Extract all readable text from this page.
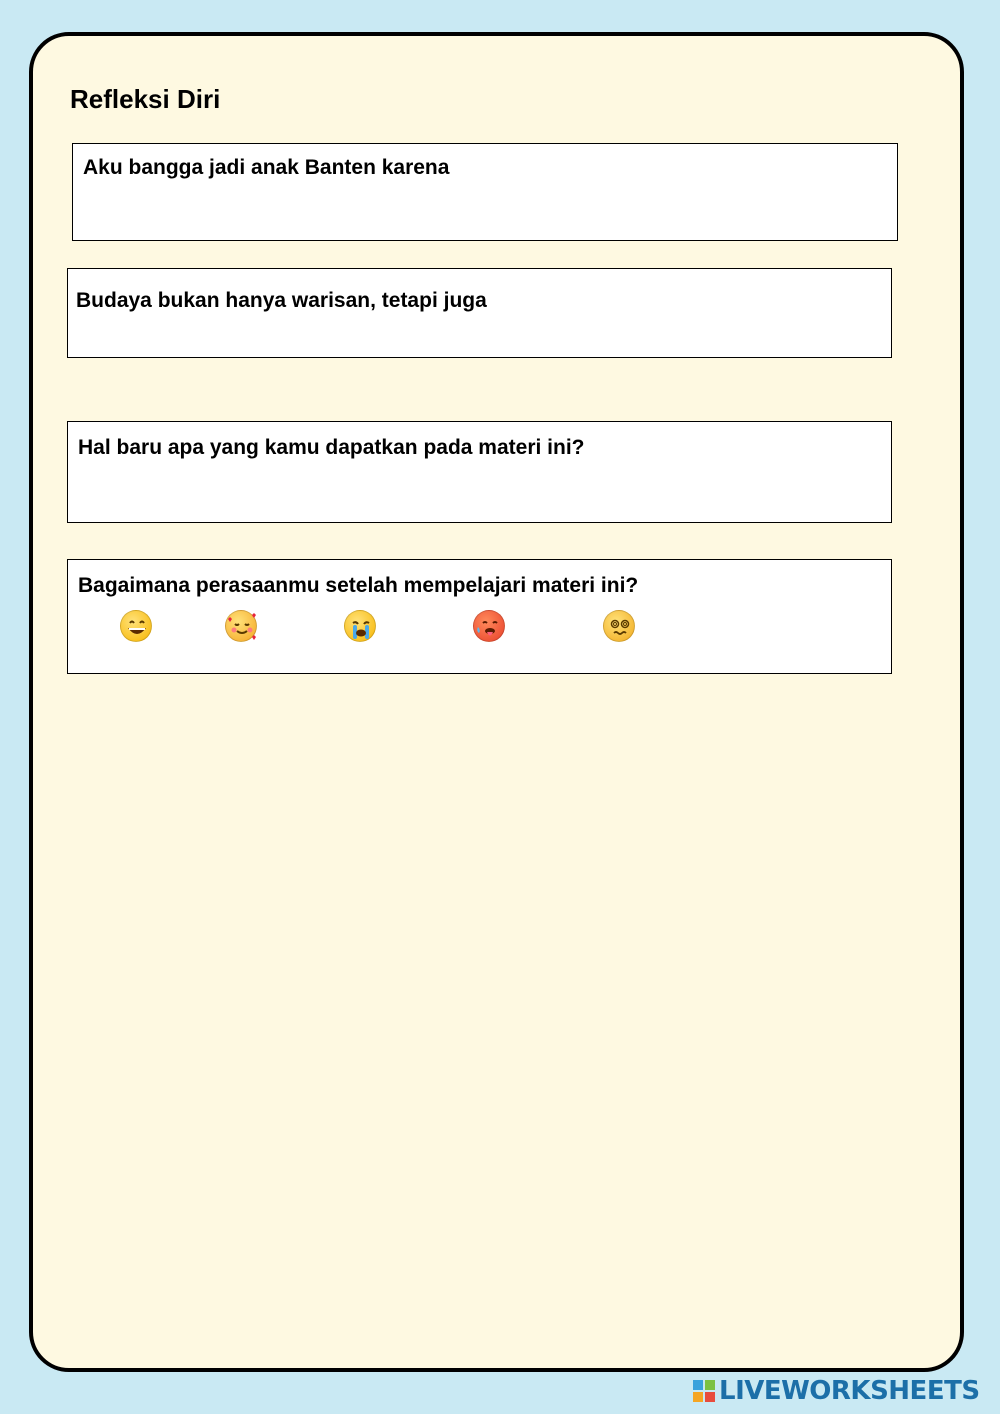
Refleksi Diri
Aku bangga jadi anak Banten karena
Budaya bukan hanya warisan, tetapi juga
Hal baru apa yang kamu dapatkan pada materi ini?
Bagaimana perasaanmu setelah mempelajari materi ini?
LIVEWORKSHEETS
